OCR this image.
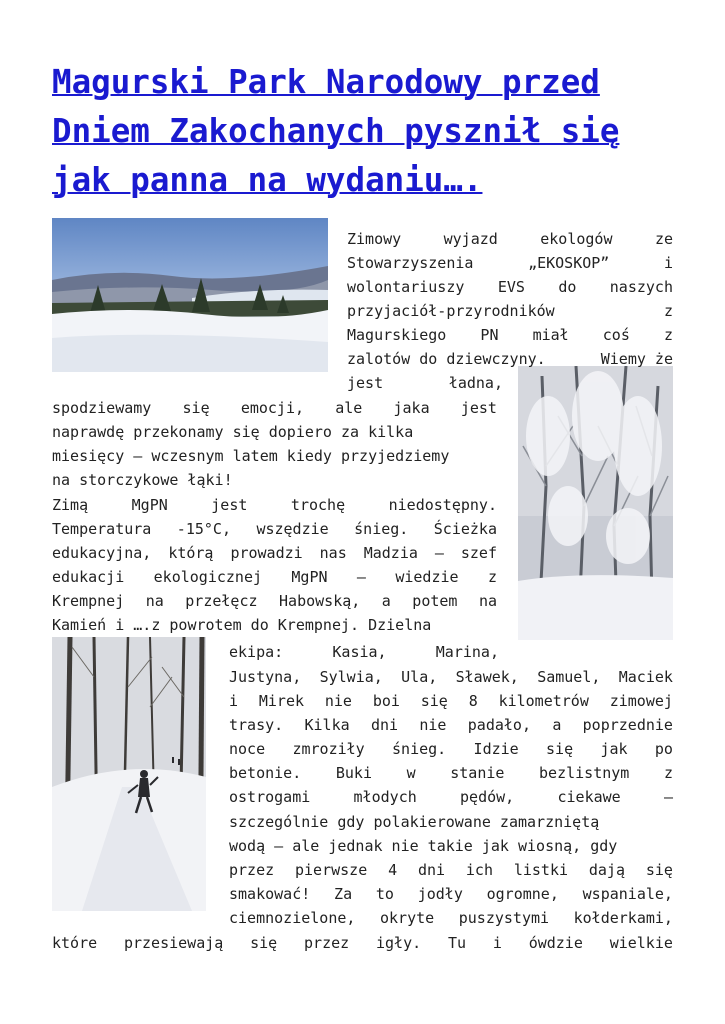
Magurski Park Narodowy przed
Dniem Zakochanych pysznił się
jak panna na wydaniu….
Zimowy	wyjazd	ekologów	ze
Stowarzyszenia	„EKOSKOP”	i
wolontariuszy EVS do naszych
przyjaciół-przyrodników	z
Magurskiego PN miał coś z
zalotów do dziewczyny.	Wiemy że
jest	ładna,
spodziewamy się emocji, ale jaka jest
naprawdę przekonamy się dopiero za kilka
miesięcy – wczesnym latem kiedy przyjedziemy
na storczykowe łąki!
Zimą	MgPN	jest	trochę	niedostępny.
Temperatura -15°C, wszędzie śnieg. Ścieżka
edukacyjna, którą prowadzi nas Madzia – szef
edukacji ekologicznej MgPN – wiedzie z
Krempnej na przełęcz Habowską, a potem na
Kamień i ….z powrotem do Krempnej. Dzielna
ekipa:	Kasia,	Marina,
Justyna, Sylwia, Ula, Sławek, Samuel, Maciek
i Mirek nie boi się 8 kilometrów zimowej
trasy. Kilka dni nie padało, a poprzednie
noce zmroziły śnieg. Idzie się jak po
betonie. Buki w stanie bezlistnym z
ostrogami	młodych	pędów,	ciekawe	–
szczególnie gdy polakierowane zamarzniętą
wodą – ale jednak nie takie jak wiosną, gdy
przez pierwsze 4 dni ich listki dają się
smakować! Za to jodły ogromne, wspaniale,
ciemnozielone, okryte puszystymi kołderkami,
które przesiewają się przez igły. Tu i ówdzie wielkie
